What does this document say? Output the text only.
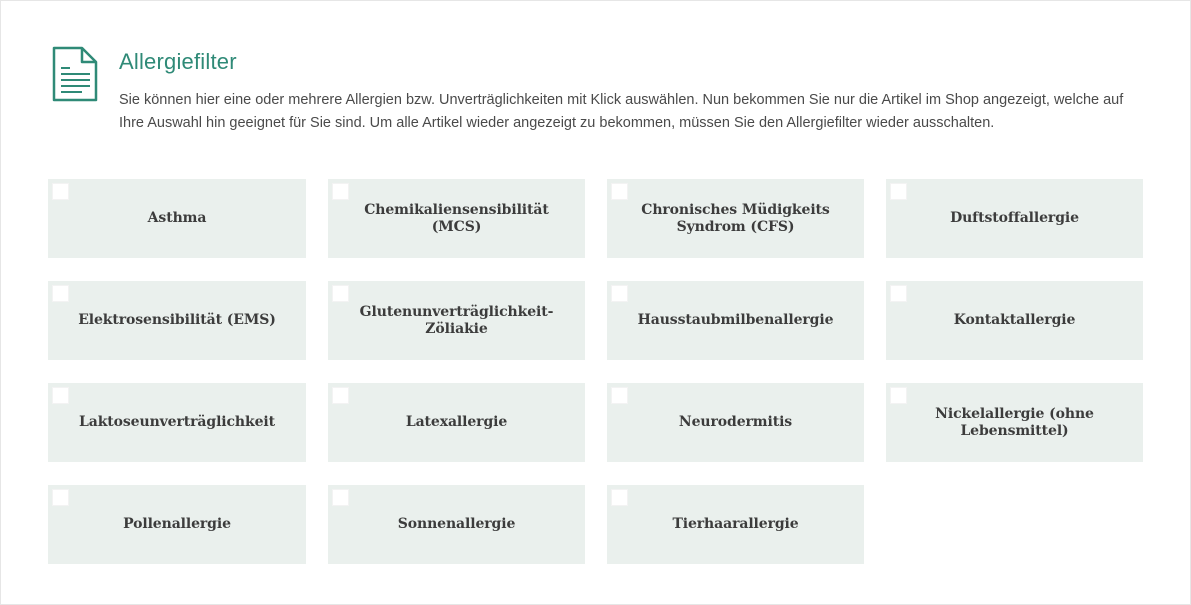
Allergiefilter
Sie können hier eine oder mehrere Allergien bzw. Unverträglichkeiten mit Klick auswählen. Nun bekommen Sie nur die Artikel im Shop angezeigt, welche auf Ihre Auswahl hin geeignet für Sie sind. Um alle Artikel wieder angezeigt zu bekommen, müssen Sie den Allergiefilter wieder ausschalten.
Asthma
Chemikaliensensibilität (MCS)
Chronisches Müdigkeits Syndrom (CFS)
Duftstoffallergie
Elektrosensibilität (EMS)
Glutenunverträglichkeit-Zöliakie
Hausstaubmilbenallergie	Kontaktallergie
Laktoseunverträglichkeit	Latexallergie	Neurodermitis
Nickelallergie (ohne Lebensmittel)
Pollenallergie	Sonnenallergie	Tierhaarallergie
